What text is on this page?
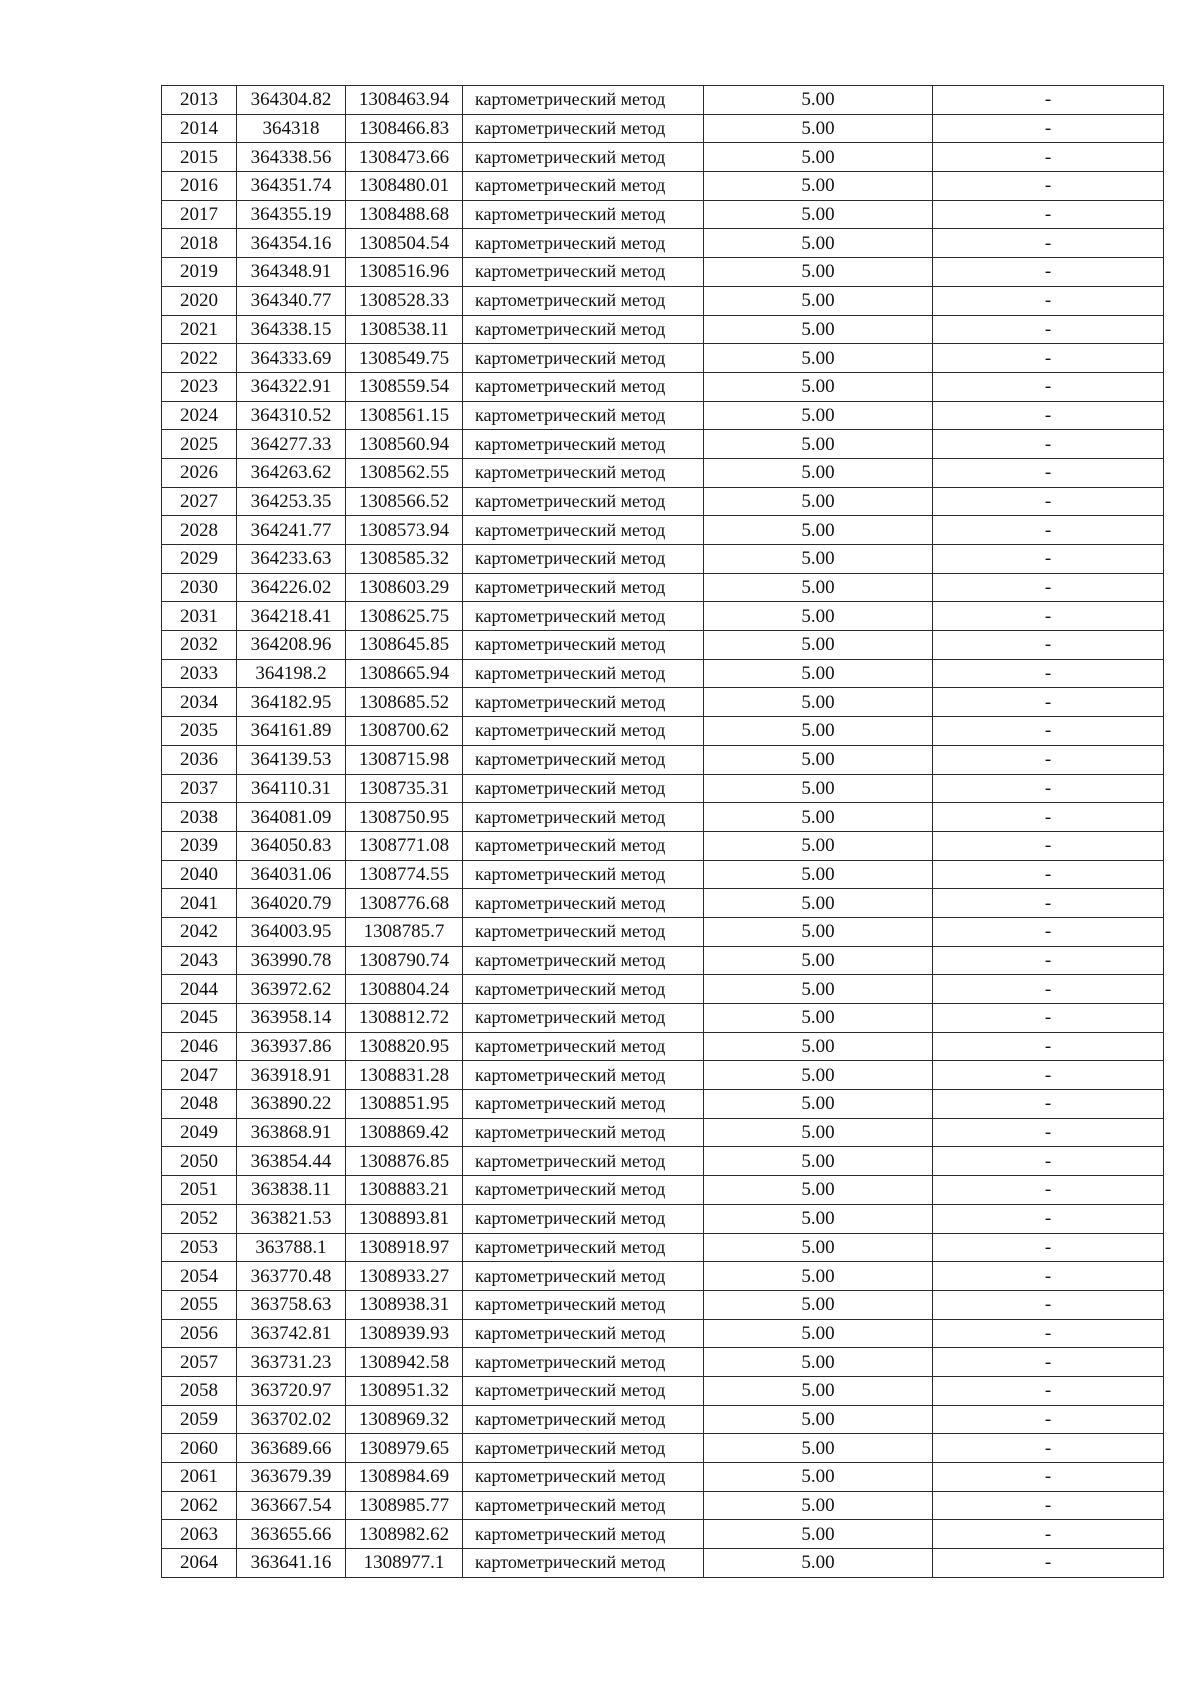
2013	364304.82	1308463.94	картометрический метод	5.00	-
2014	364318	1308466.83	картометрический метод	5.00	-
2015	364338.56	1308473.66	картометрический метод	5.00	-
2016	364351.74	1308480.01	картометрический метод	5.00	-
2017	364355.19	1308488.68	картометрический метод	5.00	-
2018	364354.16	1308504.54	картометрический метод	5.00	-
2019	364348.91	1308516.96	картометрический метод	5.00	-
2020	364340.77	1308528.33	картометрический метод	5.00	-
2021	364338.15	1308538.11	картометрический метод	5.00	-
2022	364333.69	1308549.75	картометрический метод	5.00	-
2023	364322.91	1308559.54	картометрический метод	5.00	-
2024	364310.52	1308561.15	картометрический метод	5.00	-
2025	364277.33	1308560.94	картометрический метод	5.00	-
2026	364263.62	1308562.55	картометрический метод	5.00	-
2027	364253.35	1308566.52	картометрический метод	5.00	-
2028	364241.77	1308573.94	картометрический метод	5.00	-
2029	364233.63	1308585.32	картометрический метод	5.00	-
2030	364226.02	1308603.29	картометрический метод	5.00	-
2031	364218.41	1308625.75	картометрический метод	5.00	-
2032	364208.96	1308645.85	картометрический метод	5.00	-
2033	364198.2	1308665.94	картометрический метод	5.00	-
2034	364182.95	1308685.52	картометрический метод	5.00	-
2035	364161.89	1308700.62	картометрический метод	5.00	-
2036	364139.53	1308715.98	картометрический метод	5.00	-
2037	364110.31	1308735.31	картометрический метод	5.00	-
2038	364081.09	1308750.95	картометрический метод	5.00	-
2039	364050.83	1308771.08	картометрический метод	5.00	-
2040	364031.06	1308774.55	картометрический метод	5.00	-
2041	364020.79	1308776.68	картометрический метод	5.00	-
2042	364003.95	1308785.7	картометрический метод	5.00	-
2043	363990.78	1308790.74	картометрический метод	5.00	-
2044	363972.62	1308804.24	картометрический метод	5.00	-
2045	363958.14	1308812.72	картометрический метод	5.00	-
2046	363937.86	1308820.95	картометрический метод	5.00	-
2047	363918.91	1308831.28	картометрический метод	5.00	-
2048	363890.22	1308851.95	картометрический метод	5.00	-
2049	363868.91	1308869.42	картометрический метод	5.00	-
2050	363854.44	1308876.85	картометрический метод	5.00	-
2051	363838.11	1308883.21	картометрический метод	5.00	-
2052	363821.53	1308893.81	картометрический метод	5.00	-
2053	363788.1	1308918.97	картометрический метод	5.00	-
2054	363770.48	1308933.27	картометрический метод	5.00	-
2055	363758.63	1308938.31	картометрический метод	5.00	-
2056	363742.81	1308939.93	картометрический метод	5.00	-
2057	363731.23	1308942.58	картометрический метод	5.00	-
2058	363720.97	1308951.32	картометрический метод	5.00	-
2059	363702.02	1308969.32	картометрический метод	5.00	-
2060	363689.66	1308979.65	картометрический метод	5.00	-
2061	363679.39	1308984.69	картометрический метод	5.00	-
2062	363667.54	1308985.77	картометрический метод	5.00	-
2063	363655.66	1308982.62	картометрический метод	5.00	-
2064	363641.16	1308977.1	картометрический метод	5.00	-
